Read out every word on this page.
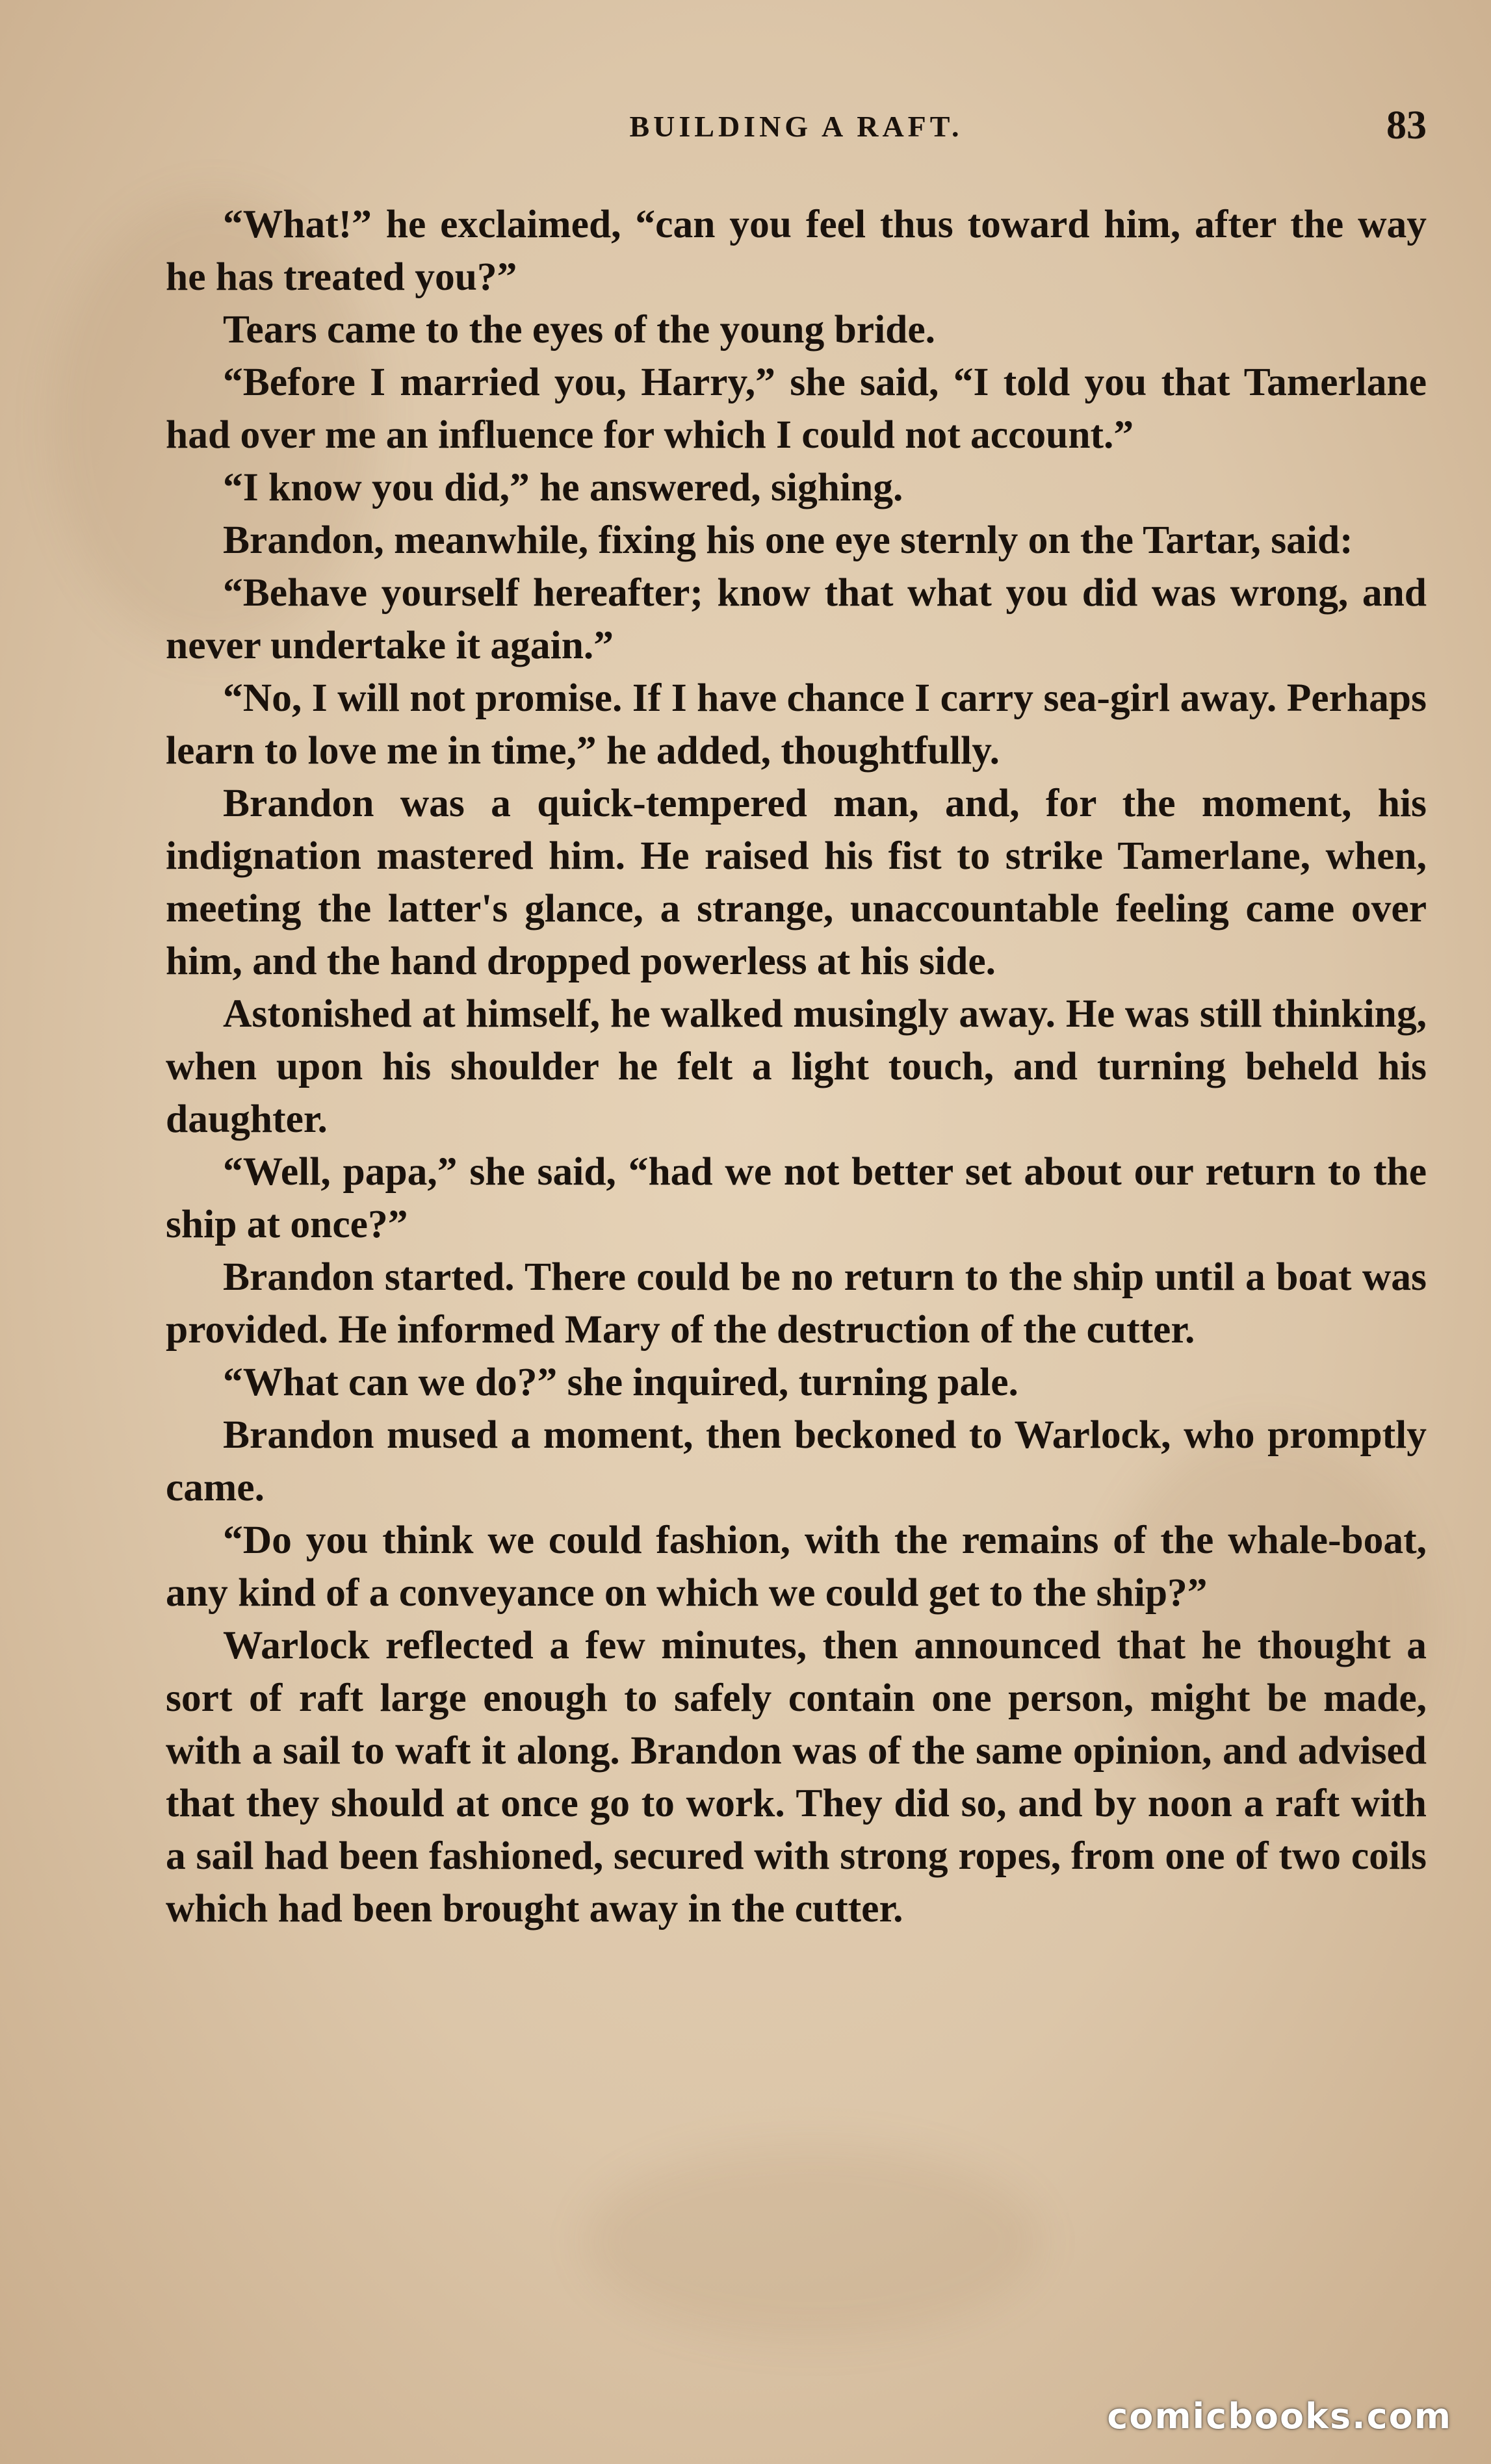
BUILDING A RAFT.	83

“What!” he exclaimed, “can you feel thus toward him, after the way he has treated you?”

Tears came to the eyes of the young bride.

“Before I married you, Harry,” she said, “I told you that Tamerlane had over me an influence for which I could not account.”

“I know you did,” he answered, sighing.

Brandon, meanwhile, fixing his one eye sternly on the Tartar, said:

“Behave yourself hereafter; know that what you did was wrong, and never undertake it again.”

“No, I will not promise. If I have chance I carry sea-girl away. Perhaps learn to love me in time,” he added, thoughtfully.

Brandon was a quick-tempered man, and, for the moment, his indignation mastered him. He raised his fist to strike Tamerlane, when, meeting the latter's glance, a strange, unaccountable feeling came over him, and the hand dropped powerless at his side.

Astonished at himself, he walked musingly away. He was still thinking, when upon his shoulder he felt a light touch, and turning beheld his daughter.

“Well, papa,” she said, “had we not better set about our return to the ship at once?”

Brandon started. There could be no return to the ship until a boat was provided. He informed Mary of the destruction of the cutter.

“What can we do?” she inquired, turning pale.

Brandon mused a moment, then beckoned to Warlock, who promptly came.

“Do you think we could fashion, with the remains of the whale-boat, any kind of a conveyance on which we could get to the ship?”

Warlock reflected a few minutes, then announced that he thought a sort of raft large enough to safely contain one person, might be made, with a sail to waft it along. Brandon was of the same opinion, and advised that they should at once go to work. They did so, and by noon a raft with a sail had been fashioned, secured with strong ropes, from one of two coils which had been brought away in the cutter.

comicbooks.com
